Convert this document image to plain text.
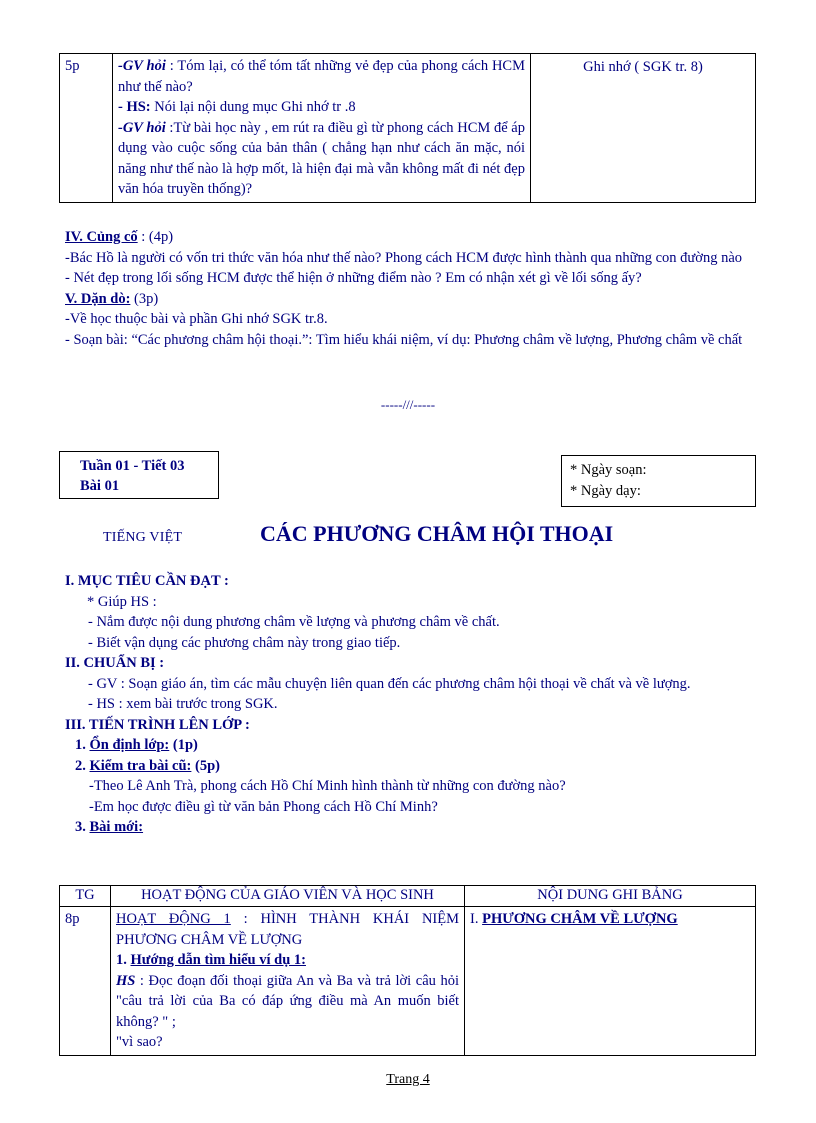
5p	-GV hỏi : Tóm lại, có thể tóm tất những vẻ đẹp của phong cách HCM như thế nào?

- HS: Nói lại nội dung mục Ghi nhớ tr .8

-GV hỏi :Từ bài học này , em rút ra điều gì từ phong cách HCM để áp dụng vào cuộc sống của bản thân ( chẳng hạn như cách ăn mặc, nói năng như thế nào là hợp mốt, là hiện đại mà vẫn không mất đi nét đẹp văn hóa truyền thống)?

	Ghi nhớ ( SGK tr. 8)

IV. Củng cố : (4p)

-Bác Hồ là người có vốn tri thức văn hóa như thế nào? Phong cách HCM được hình thành qua những con đường nào

- Nét đẹp trong lối sống HCM được thể hiện ở những điểm nào ? Em có nhận xét gì về lối sống ấy?

V. Dặn dò: (3p)

-Về học thuộc bài và phần Ghi nhớ SGK tr.8.

- Soạn bài: “Các phương châm hội thoại.”: Tìm hiểu khái niệm, ví dụ: Phương châm về lượng, Phương châm về chất

-----///-----
Tuần 01 - Tiết 03
Bài 01
* Ngày soạn:
* Ngày dạy:
TIẾNG VIỆT	CÁC PHƯƠNG CHÂM HỘI THOẠI

I. MỤC TIÊU CẦN ĐẠT :

* Giúp HS :

- Nắm được nội dung phương châm về lượng và phương châm về chất.

- Biết vận dụng các phương châm này trong giao tiếp.

II. CHUẨN BỊ :

- GV : Soạn giáo án, tìm các mẫu chuyện liên quan đến các phương châm hội thoại về chất và về lượng.

- HS : xem bài trước trong SGK.

III. TIẾN TRÌNH LÊN LỚP :

1. Ổn định lớp: (1p)

2. Kiểm tra bài cũ: (5p)

-Theo Lê Anh Trà, phong cách Hồ Chí Minh hình thành từ những con đường nào?

-Em học được điều gì từ văn bản Phong cách Hồ Chí Minh?

3. Bài mới:

TG	HOẠT ĐỘNG CỦA GIÁO VIÊN VÀ HỌC SINH	NỘI DUNG GHI BẢNG
8p	HOẠT ĐỘNG 1 : HÌNH THÀNH KHÁI NIỆM PHƯƠNG CHÂM VỀ LƯỢNG

1. Hướng dẫn tìm hiểu ví dụ 1:

HS : Đọc đoạn đối thoại giữa An và Ba và trả lời câu hỏi "câu trả lời của Ba có đáp ứng điều mà An muốn biết không? " ;

"vì sao?	I. PHƯƠNG CHÂM VỀ LƯỢNG

Trang 4
